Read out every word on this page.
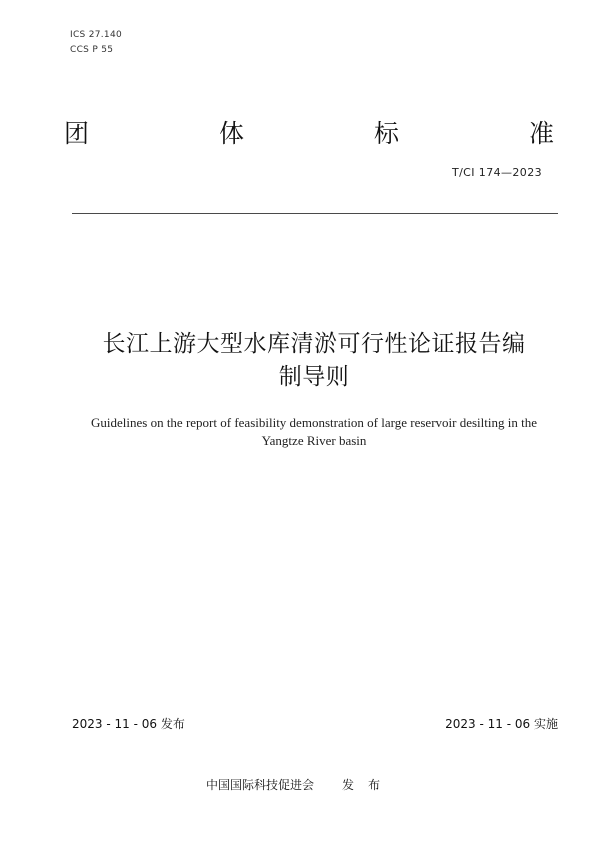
ICS 27.140
CCS P 55
团	体	标	准
T/CI 174—2023
长江上游大型水库清淤可行性论证报告编
制导则
Guidelines on the report of feasibility demonstration of large reservoir desilting in the
Yangtze River basin
2023 - 11 - 06 发布	2023 - 11 - 06 实施
中国国际科技促进会 发布
